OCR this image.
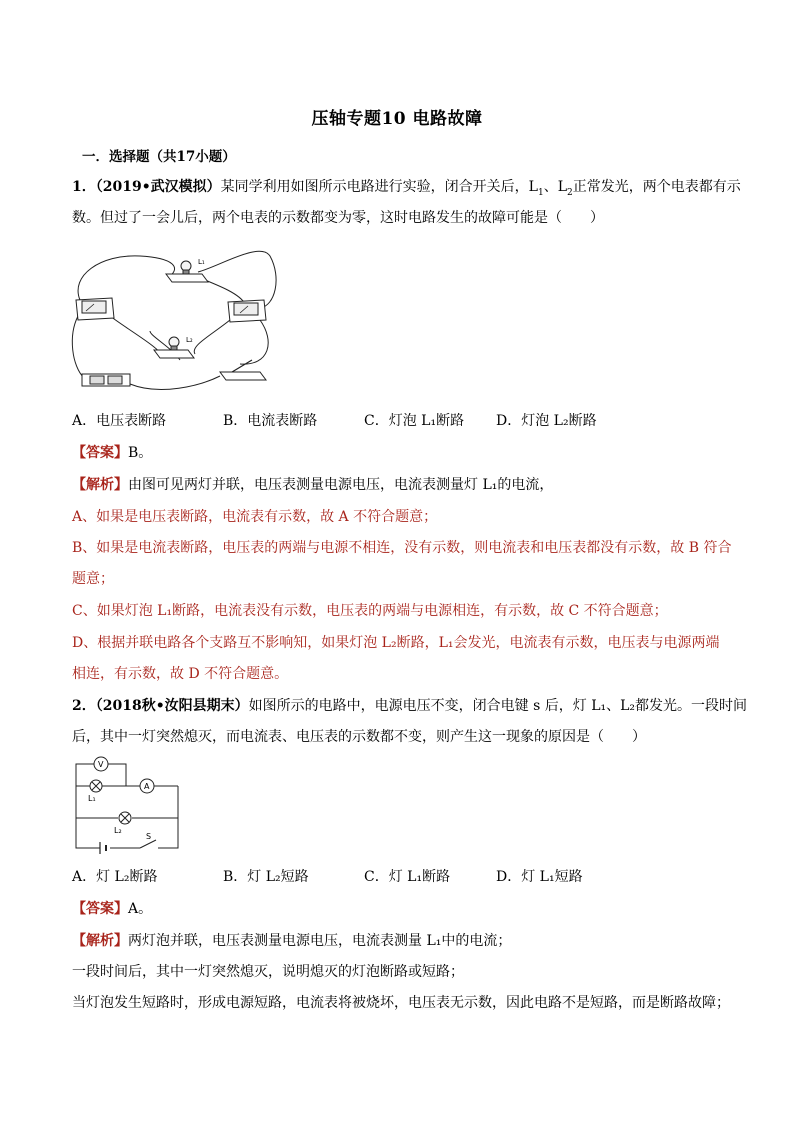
压轴专题10 电路故障
一．选择题（共17小题）
1．（2019•武汉模拟）某同学利用如图所示电路进行实验，闭合开关后，$L_1$、$L_2$正常发光，两个电表都有示
数。但过了一会儿后，两个电表的示数都变为零，这时电路发生的故障可能是（　　）
L₁
L₂
A．电压表断路	B．电流表断路	C．灯泡 L₁断路 D．灯泡 L₂断路
【答案】B。
【解析】由图可见两灯并联，电压表测量电源电压，电流表测量灯 L₁的电流，
A、如果是电压表断路，电流表有示数，故 A 不符合题意；
B、如果是电流表断路，电压表的两端与电源不相连，没有示数，则电流表和电压表都没有示数，故 B 符合
题意；
C、如果灯泡 L₁断路，电流表没有示数，电压表的两端与电源相连，有示数，故 C 不符合题意；
D、根据并联电路各个支路互不影响知，如果灯泡 L₂断路，L₁会发光，电流表有示数，电压表与电源两端
相连，有示数，故 D 不符合题意。
2．（2018秋•汝阳县期末）如图所示的电路中，电源电压不变，闭合电键 s 后，灯 L₁、L₂都发光。一段时间
后，其中一灯突然熄灭，而电流表、电压表的示数都不变，则产生这一现象的原因是（　　）
V
L₁
A
L₂
S
A．灯 L₂断路	B．灯 L₂短路	C．灯 L₁断路	D．灯 L₁短路
【答案】A。
【解析】两灯泡并联，电压表测量电源电压，电流表测量 L₁中的电流；
一段时间后，其中一灯突然熄灭，说明熄灭的灯泡断路或短路；
当灯泡发生短路时，形成电源短路，电流表将被烧坏，电压表无示数，因此电路不是短路，而是断路故障；
